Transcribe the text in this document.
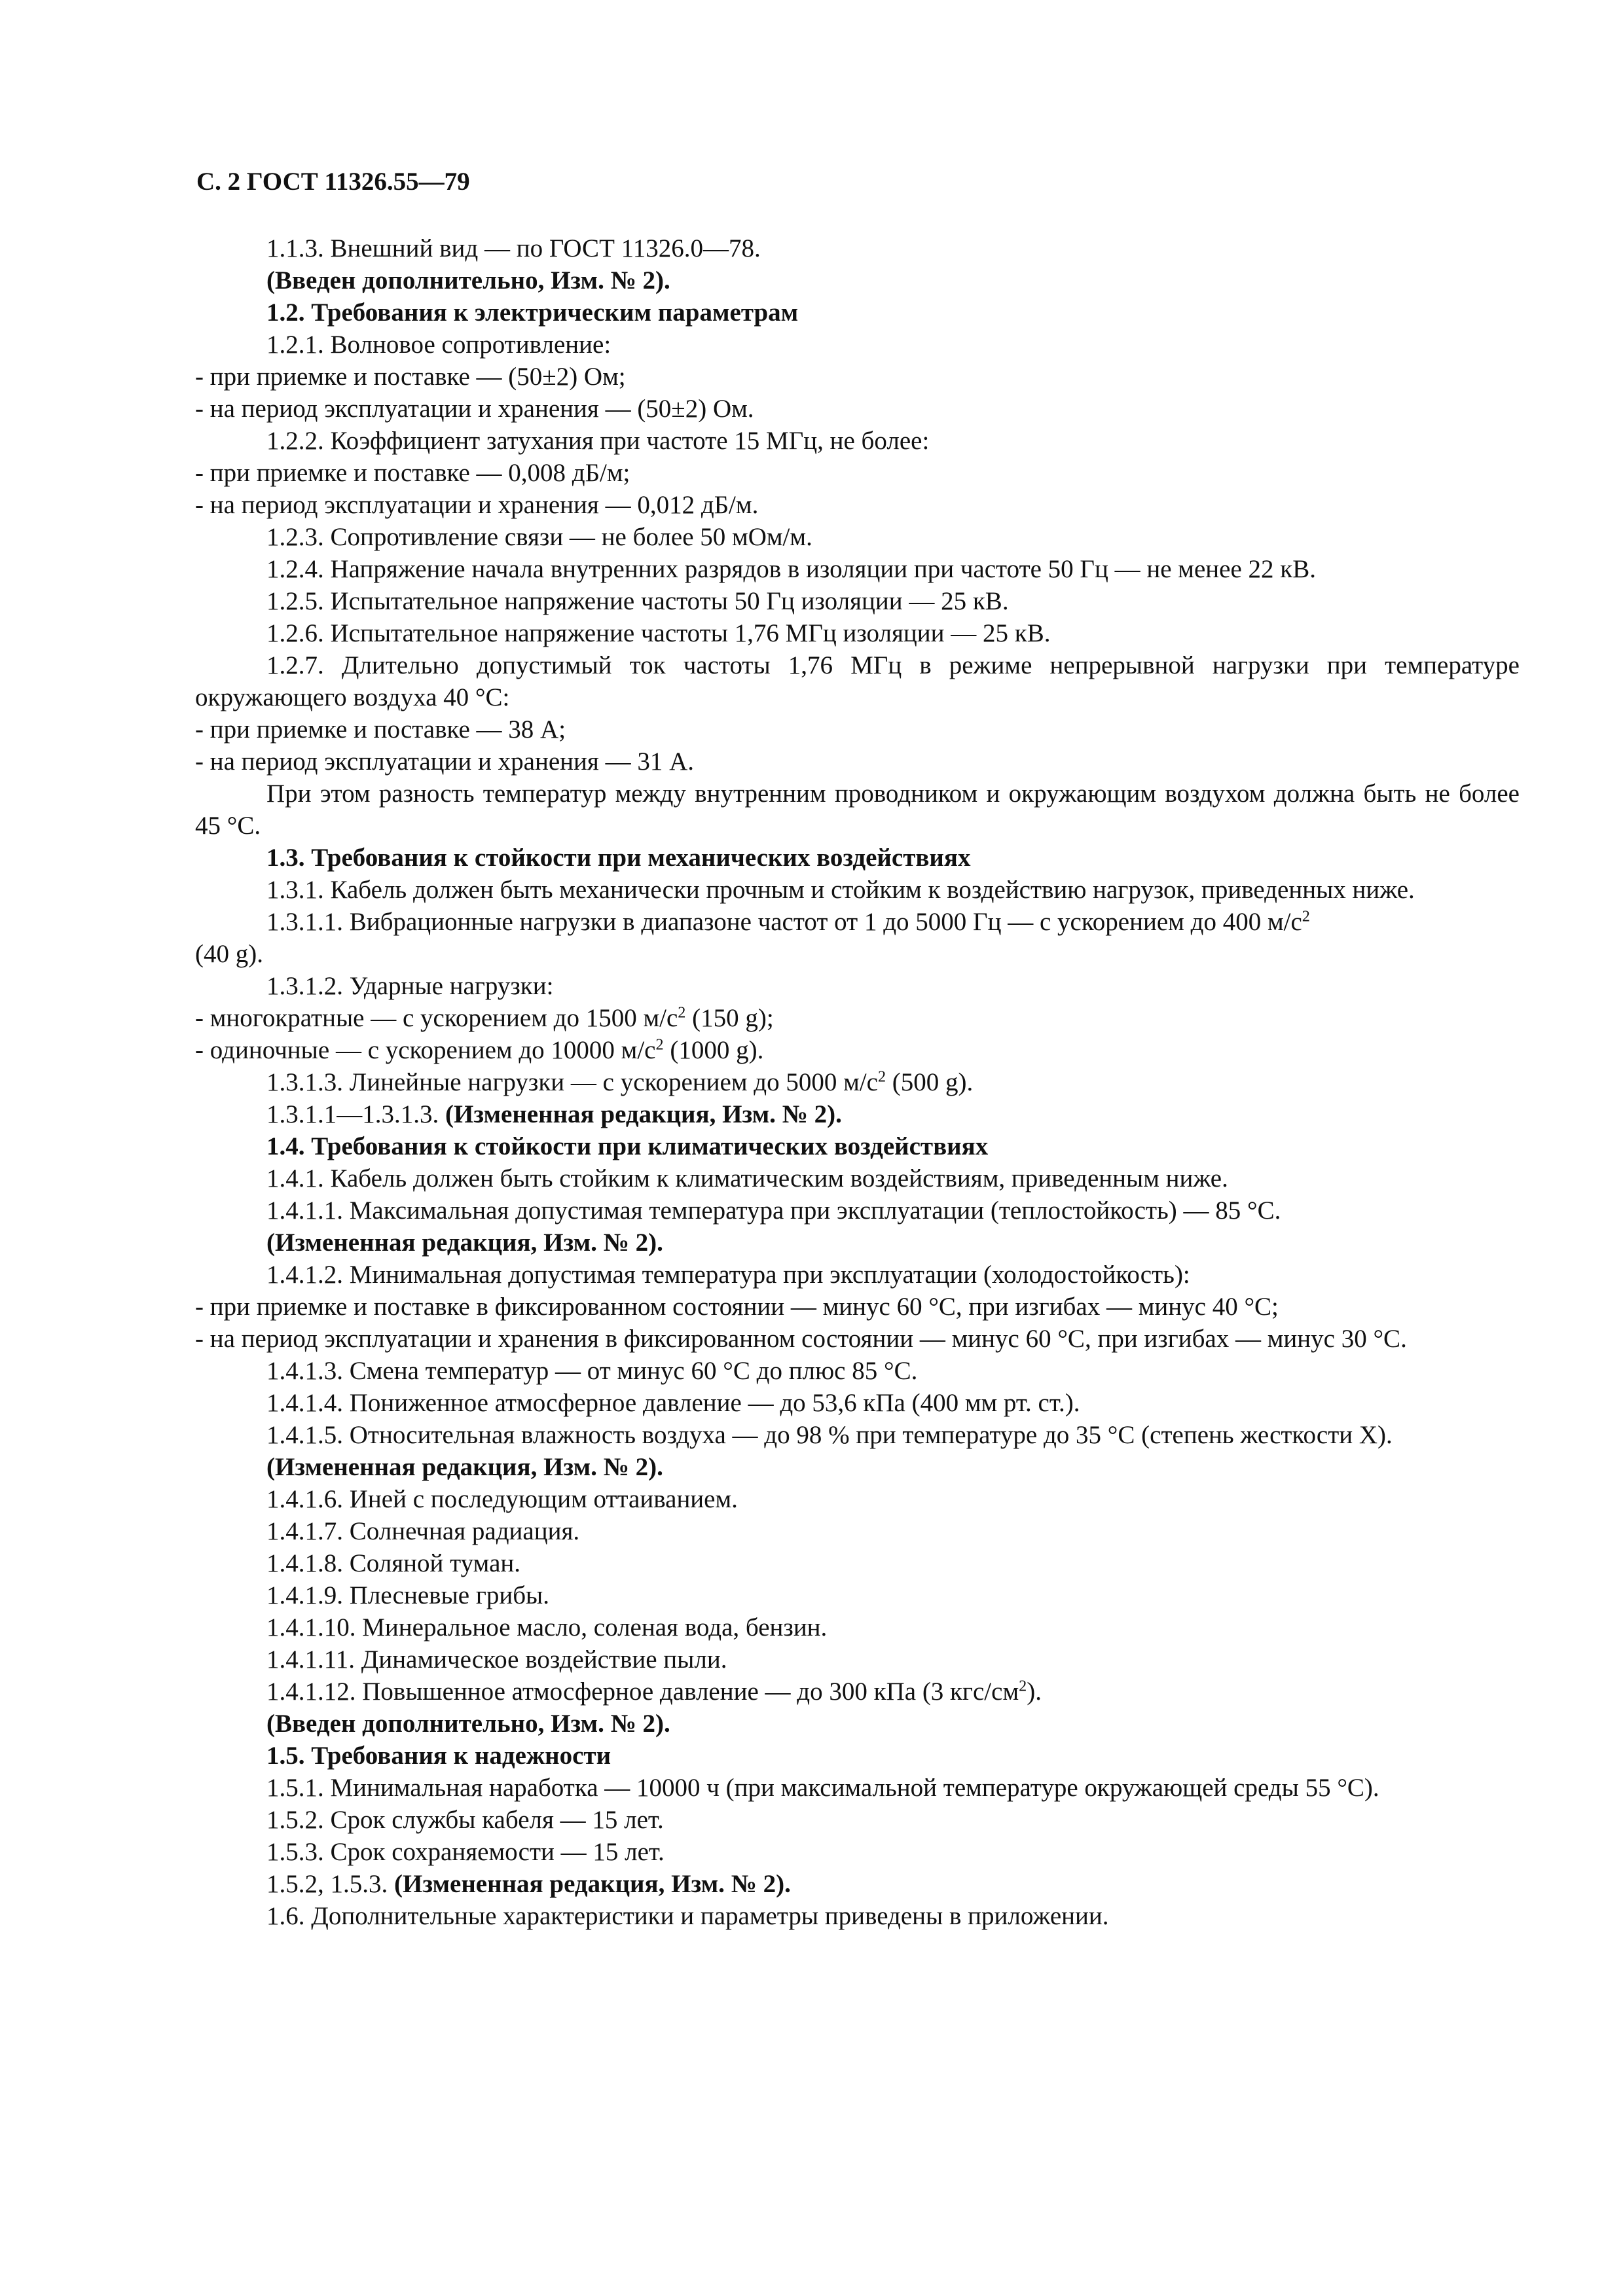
С. 2 ГОСТ 11326.55—79

1.1.3. Внешний вид — по ГОСТ 11326.0—78.

(Введен дополнительно, Изм. № 2).

1.2. Требования к электрическим параметрам

1.2.1. Волновое сопротивление:

- при приемке и поставке — (50±2) Ом;

- на период эксплуатации и хранения — (50±2) Ом.

1.2.2. Коэффициент затухания при частоте 15 МГц, не более:

- при приемке и поставке — 0,008 дБ/м;

- на период эксплуатации и хранения — 0,012 дБ/м.

1.2.3. Сопротивление связи — не более 50 мОм/м.

1.2.4. Напряжение начала внутренних разрядов в изоляции при частоте 50 Гц — не менее 22 кВ.

1.2.5. Испытательное напряжение частоты 50 Гц изоляции — 25 кВ.

1.2.6. Испытательное напряжение частоты 1,76 МГц изоляции — 25 кВ.

1.2.7. Длительно допустимый ток частоты 1,76 МГц в режиме непрерывной нагрузки при температуре окружающего воздуха 40 °С:

- при приемке и поставке — 38 А;

- на период эксплуатации и хранения — 31 А.

При этом разность температур между внутренним проводником и окружающим воздухом должна быть не более 45 °С.

1.3. Требования к стойкости при механических воздействиях

1.3.1. Кабель должен быть механически прочным и стойким к воздействию нагрузок, приведенных ниже.

1.3.1.1. Вибрационные нагрузки в диапазоне частот от 1 до 5000 Гц — с ускорением до 400 $м/с^2$

(40 g).

1.3.1.2. Ударные нагрузки:

- многократные — с ускорением до 1500 $м/с^2$ (150 g);

- одиночные — с ускорением до 10000 $м/с^2$ (1000 g).

1.3.1.3. Линейные нагрузки — с ускорением до 5000 $м/с^2$ (500 g).

1.3.1.1—1.3.1.3. (Измененная редакция, Изм. № 2).

1.4. Требования к стойкости при климатических воздействиях

1.4.1. Кабель должен быть стойким к климатическим воздействиям, приведенным ниже.

1.4.1.1. Максимальная допустимая температура при эксплуатации (теплостойкость) — 85 °С.

(Измененная редакция, Изм. № 2).

1.4.1.2. Минимальная допустимая температура при эксплуатации (холодостойкость):

- при приемке и поставке в фиксированном состоянии — минус 60 °С, при изгибах — минус 40 °С;

- на период эксплуатации и хранения в фиксированном состоянии — минус 60 °С, при изгибах — минус 30 °С.

1.4.1.3. Смена температур — от минус 60 °С до плюс 85 °С.

1.4.1.4. Пониженное атмосферное давление — до 53,6 кПа (400 мм рт. ст.).

1.4.1.5. Относительная влажность воздуха — до 98 % при температуре до 35 °С (степень жесткости X).

(Измененная редакция, Изм. № 2).

1.4.1.6. Иней с последующим оттаиванием.

1.4.1.7. Солнечная радиация.

1.4.1.8. Соляной туман.

1.4.1.9. Плесневые грибы.

1.4.1.10. Минеральное масло, соленая вода, бензин.

1.4.1.11. Динамическое воздействие пыли.

1.4.1.12. Повышенное атмосферное давление — до 300 кПа (3 кгс/$см^2$).

(Введен дополнительно, Изм. № 2).

1.5. Требования к надежности

1.5.1. Минимальная наработка — 10000 ч (при максимальной температуре окружающей среды 55 °С).

1.5.2. Срок службы кабеля — 15 лет.

1.5.3. Срок сохраняемости — 15 лет.

1.5.2, 1.5.3. (Измененная редакция, Изм. № 2).

1.6. Дополнительные характеристики и параметры приведены в приложении.
